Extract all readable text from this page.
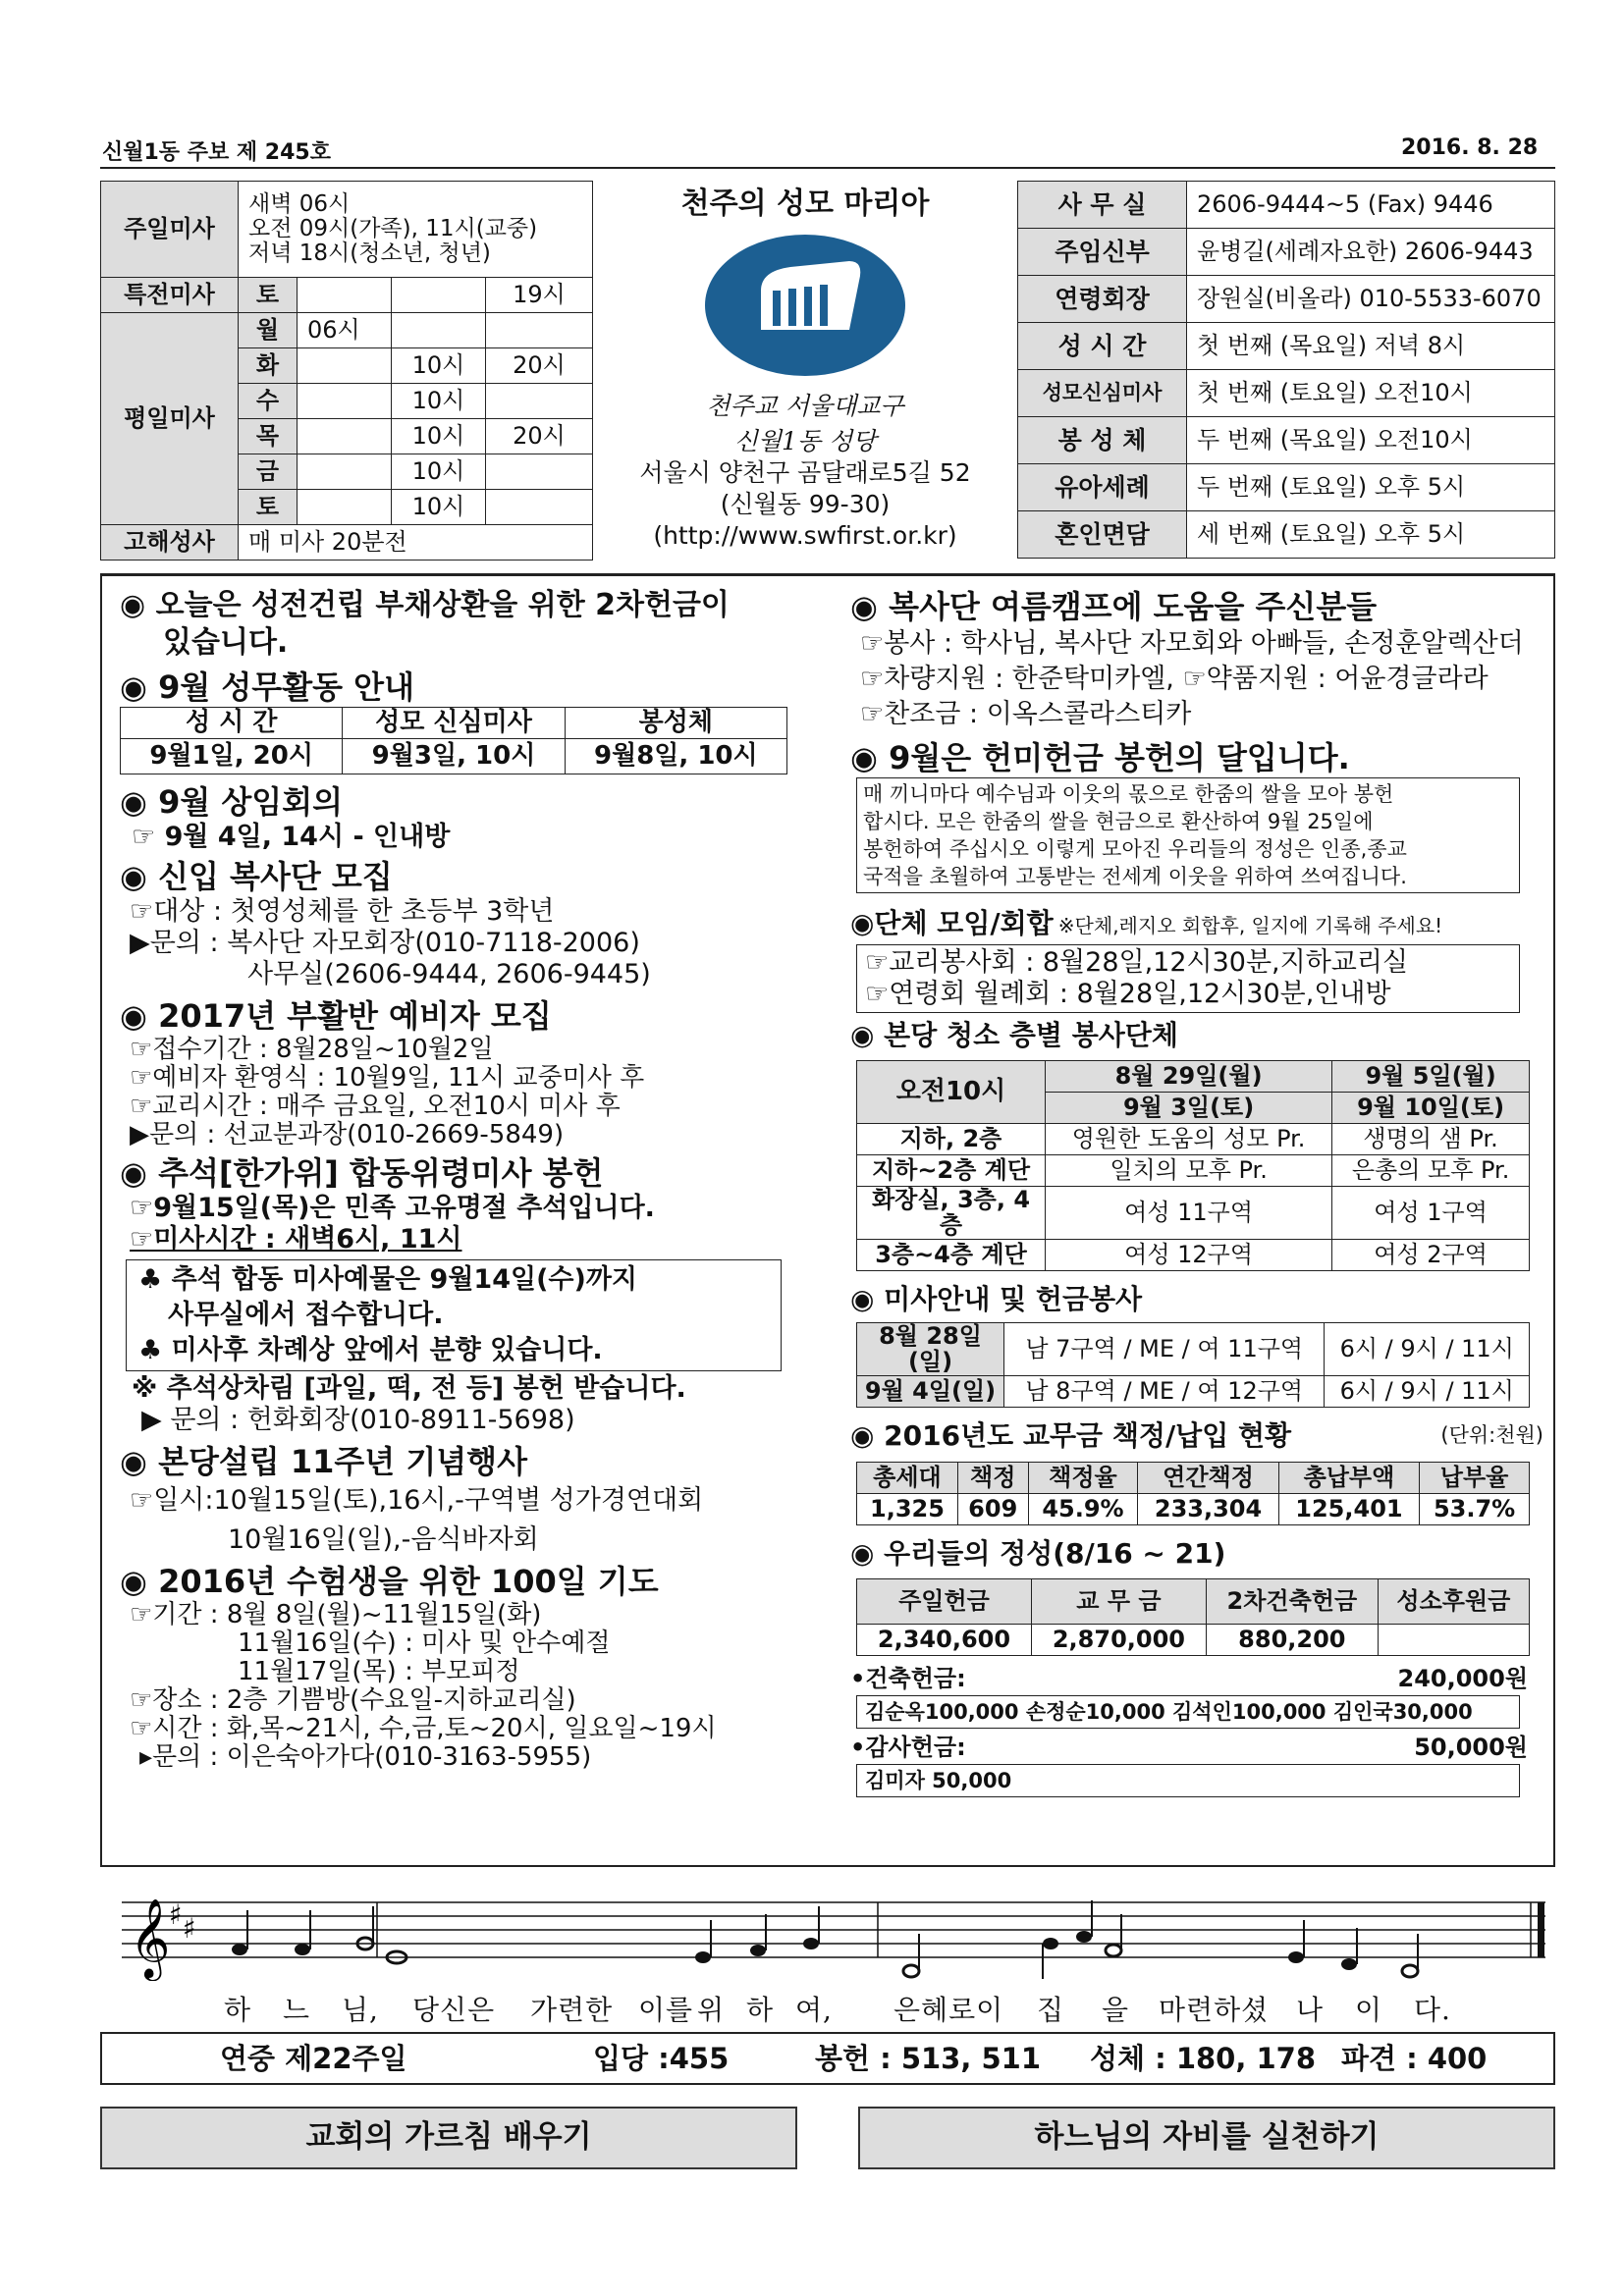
신월1동 주보 제 245호	2016. 8. 28
주일미사	새벽 06시
오전 09시(가족), 11시(교중)
저녁 18시(청소년, 청년)			

특전미사	토			19시
평일미사	월	06시		
	화		10시	20시
	수		10시	
	목		10시	20시
	금		10시	
	토		10시	
고해성사	매 미사 20분전			
천주의 성모 마리아
천주교 서울대교구
신월1동 성당
서울시 양천구 곰달래로5길 52
(신월동 99-30)
(http://www.swfirst.or.kr)
사 무 실	2606-9444~5 (Fax) 9446
주임신부	윤병길(세례자요한) 2606-9443
연령회장	장원실(비올라) 010-5533-6070
성 시 간	첫 번째 (목요일) 저녁 8시
성모신심미사	첫 번째 (토요일) 오전10시
봉 성 체	두 번째 (목요일) 오전10시
유아세례	두 번째 (토요일) 오후 5시
혼인면담	세 번째 (토요일) 오후 5시
◉ 오늘은 성전건립 부채상환을 위한 2차헌금이
있습니다.
◉ 9월 성무활동 안내
성 시 간	성모 신심미사	봉성체
9월1일, 20시	9월3일, 10시	9월8일, 10시
◉ 9월 상임회의
☞ 9월 4일, 14시 - 인내방
◉ 신입 복사단 모집
☞대상 : 첫영성체를 한 초등부 3학년
▶문의 : 복사단 자모회장(010-7118-2006)
사무실(2606-9444, 2606-9445)
◉ 2017년 부활반 예비자 모집
☞접수기간 : 8월28일~10월2일
☞예비자 환영식 : 10월9일, 11시 교중미사 후
☞교리시간 : 매주 금요일, 오전10시 미사 후
▶문의 : 선교분과장(010-2669-5849)
◉ 추석[한가위] 합동위령미사 봉헌
☞9월15일(목)은 민족 고유명절 추석입니다.
☞미사시간 : 새벽6시, 11시
♣ 추석 합동 미사예물은 9월14일(수)까지
사무실에서 접수합니다.
♣ 미사후 차례상 앞에서 분향 있습니다.
※ 추석상차림 [과일, 떡, 전 등] 봉헌 받습니다.
▶ 문의 : 헌화회장(010-8911-5698)
◉ 본당설립 11주년 기념행사
☞일시:10월15일(토),16시,-구역별 성가경연대회
10월16일(일),-음식바자회
◉ 2016년 수험생을 위한 100일 기도
☞기간 : 8월 8일(월)~11월15일(화)
11월16일(수) : 미사 및 안수예절
11월17일(목) : 부모피정
☞장소 : 2층 기쁨방(수요일-지하교리실)
☞시간 : 화,목~21시, 수,금,토~20시, 일요일~19시
▸문의 : 이은숙아가다(010-3163-5955)
◉ 복사단 여름캠프에 도움을 주신분들
☞봉사 : 학사님, 복사단 자모회와 아빠들, 손정훈알렉산더
☞차량지원 : 한준탁미카엘, ☞약품지원 : 어윤경글라라
☞찬조금 : 이옥스콜라스티카
◉ 9월은 헌미헌금 봉헌의 달입니다.
매 끼니마다 예수님과 이웃의 몫으로 한줌의 쌀을 모아 봉헌
합시다. 모은 한줌의 쌀을 현금으로 환산하여 9월 25일에
봉헌하여 주십시오 이렇게 모아진 우리들의 정성은 인종,종교
국적을 초월하여 고통받는 전세계 이웃을 위하여 쓰여집니다.
◉단체 모임/회합 ※단체,레지오 회합후, 일지에 기록해 주세요!
☞교리봉사회 : 8월28일,12시30분,지하교리실
☞연령회 월례회 : 8월28일,12시30분,인내방
◉ 본당 청소 층별 봉사단체
오전10시	8월 29일(월)	9월 5일(월)
	9월 3일(토)	9월 10일(토)
지하, 2층	영원한 도움의 성모 Pr.	생명의 샘 Pr.
지하~2층 계단	일치의 모후 Pr.	은총의 모후 Pr.
화장실, 3층, 4층	여성 11구역	여성 1구역
3층~4층 계단	여성 12구역	여성 2구역
◉ 미사안내 및 헌금봉사
8월 28일(일)	남 7구역 / ME / 여 11구역	6시 / 9시 / 11시
9월 4일(일)	남 8구역 / ME / 여 12구역	6시 / 9시 / 11시
◉ 2016년도 교무금 책정/납입 현황	(단위:천원)
총세대	책정	책정율	연간책정	총납부액	납부율
1,325	609	45.9%	233,304	125,401	53.7%
◉ 우리들의 정성(8/16 ~ 21)
주일헌금	교 무 금	2차건축헌금	성소후원금
2,340,600	2,870,000	880,200	
•건축헌금:	240,000원
김순옥100,000 손정순10,000 김석인100,000 김인국30,000
•감사헌금:	50,000원
김미자 50,000
𝄞
♯ ♯
하 느 님, 당신은 가련한 이를 위 하 여, 은혜로이 집 을 마련하셨 나 이 다.
연중 제22주일	입당 :455	봉헌 : 513, 511 성체 : 180, 178 파견 : 400
교회의 가르침 배우기	하느님의 자비를 실천하기
